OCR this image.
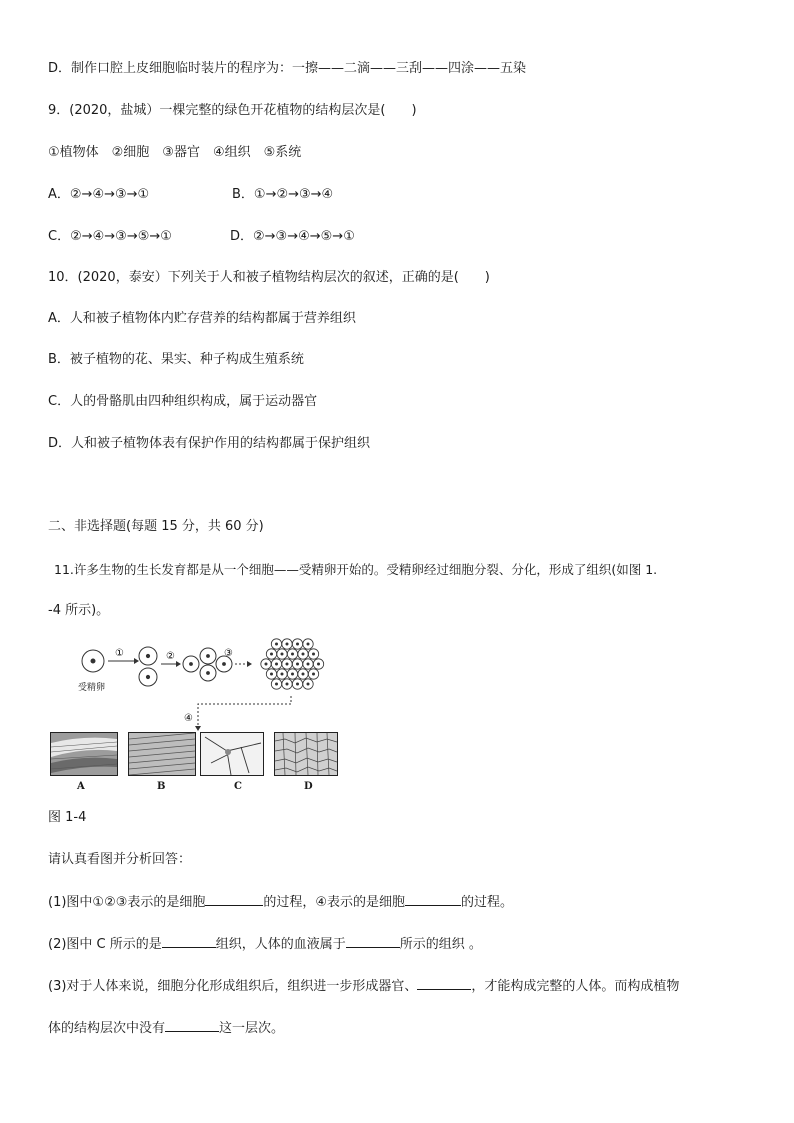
D．制作口腔上皮细胞临时装片的程序为：一擦——二滴——三刮——四涂——五染
9．(2020，盐城）一棵完整的绿色开花植物的结构层次是(　　)
①植物体　②细胞　③器官　④组织　⑤系统
A．②→④→③→①	B．①→②→③→④
C．②→④→③→⑤→①	D．②→③→④→⑤→①
10．(2020，泰安）下列关于人和被子植物结构层次的叙述，正确的是(　　)
A．人和被子植物体内贮存营养的结构都属于营养组织
B．被子植物的花、果实、种子构成生殖系统
C．人的骨骼肌由四种组织构成，属于运动器官
D．人和被子植物体表有保护作用的结构都属于保护组织
二、非选择题(每题 15 分，共 60 分)
11.许多生物的生长发育都是从一个细胞——受精卵开始的。受精卵经过细胞分裂、分化，形成了组织(如图 1.
-4 所示)。
①	②	③
④
受精卵
A	B	C	D
图 1-4
请认真看图并分析回答：
(1)图中①②③表示的是细胞	的过程，④表示的是细胞	的过程。
(2)图中 C 所示的是	组织，人体的血液属于	所示的组织 。
(3)对于人体来说，细胞分化形成组织后，组织进一步形成器官、	，才能构成完整的人体。而构成植物
体的结构层次中没有	这一层次。
